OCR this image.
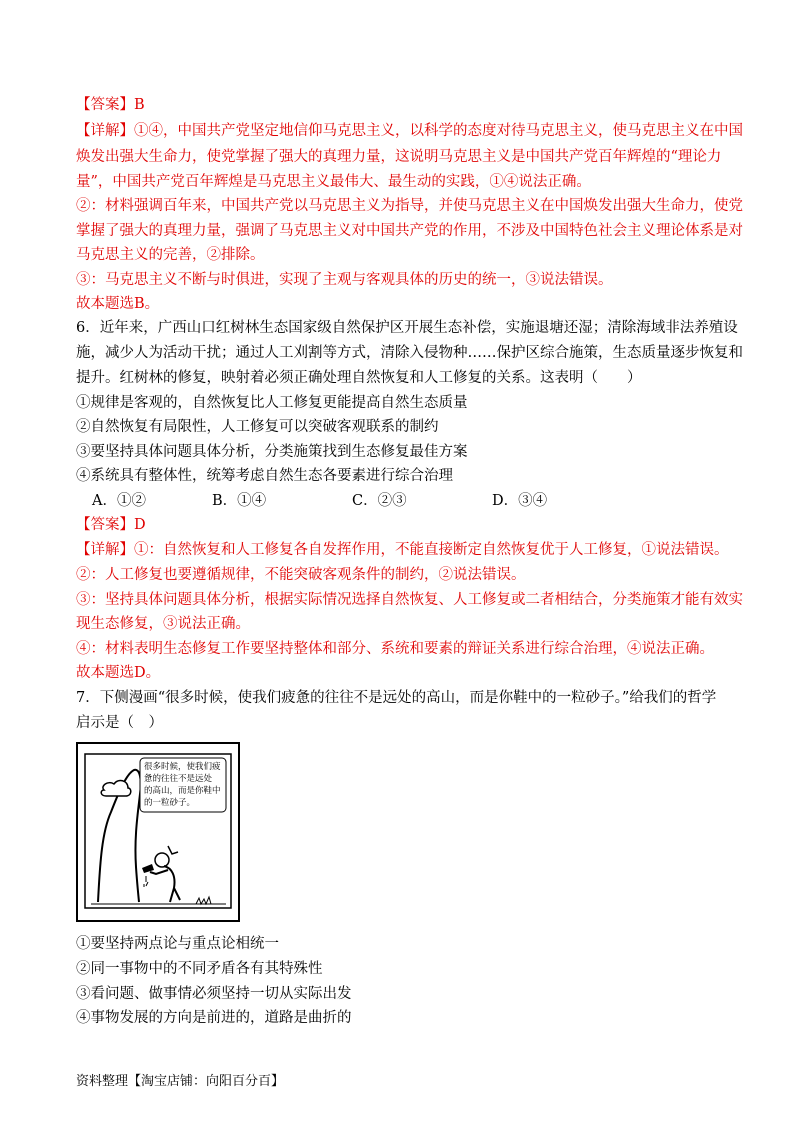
【答案】B
【详解】①④，中国共产党坚定地信仰马克思主义，以科学的态度对待马克思主义，使马克思主义在中国
焕发出强大生命力，使党掌握了强大的真理力量，这说明马克思主义是中国共产党百年辉煌的“理论力
量”，中国共产党百年辉煌是马克思主义最伟大、最生动的实践，①④说法正确。
②：材料强调百年来，中国共产党以马克思主义为指导，并使马克思主义在中国焕发出强大生命力，使党
掌握了强大的真理力量，强调了马克思主义对中国共产党的作用，不涉及中国特色社会主义理论体系是对
马克思主义的完善，②排除。
③：马克思主义不断与时俱进，实现了主观与客观具体的历史的统一，③说法错误。
故本题选B。
6．近年来，广西山口红树林生态国家级自然保护区开展生态补偿，实施退塘还湿；清除海域非法养殖设
施，减少人为活动干扰；通过人工刈割等方式，清除入侵物种……保护区综合施策，生态质量逐步恢复和
提升。红树林的修复，映射着必须正确处理自然恢复和人工修复的关系。这表明（　　）
①规律是客观的，自然恢复比人工修复更能提高自然生态质量
②自然恢复有局限性，人工修复可以突破客观联系的制约
③要坚持具体问题具体分析，分类施策找到生态修复最佳方案
④系统具有整体性，统筹考虑自然生态各要素进行综合治理
A．①②	B．①④	C．②③	D．③④
【答案】D
【详解】①：自然恢复和人工修复各自发挥作用，不能直接断定自然恢复优于人工修复，①说法错误。
②：人工修复也要遵循规律，不能突破客观条件的制约，②说法错误。
③：坚持具体问题具体分析，根据实际情况选择自然恢复、人工修复或二者相结合，分类施策才能有效实
现生态修复，③说法正确。
④：材料表明生态修复工作要坚持整体和部分、系统和要素的辩证关系进行综合治理，④说法正确。
故本题选D。
7．下侧漫画“很多时候，使我们疲惫的往往不是远处的高山，而是你鞋中的一粒砂子。”给我们的哲学
启示是（　）
很多时候，使我们疲
惫的往往不是远处
的高山，而是你鞋中
的一粒砂子。
①要坚持两点论与重点论相统一
②同一事物中的不同矛盾各有其特殊性
③看问题、做事情必须坚持一切从实际出发
④事物发展的方向是前进的，道路是曲折的
资料整理【淘宝店铺：向阳百分百】
